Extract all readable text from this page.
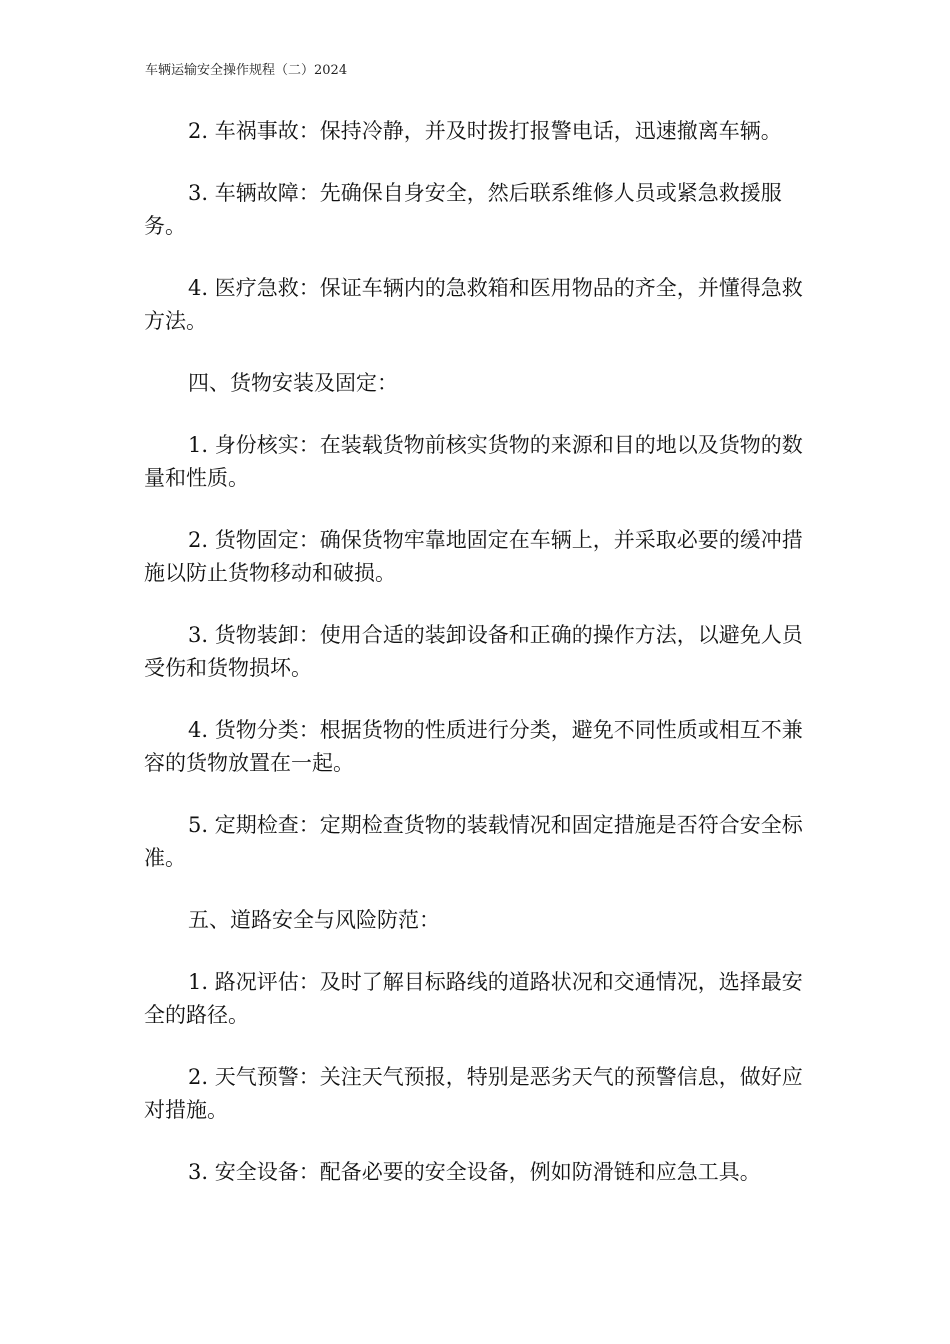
车辆运输安全操作规程（二）2024

2. 车祸事故：保持冷静，并及时拨打报警电话，迅速撤离车辆。

3. 车辆故障：先确保自身安全，然后联系维修人员或紧急救援服务。

4. 医疗急救：保证车辆内的急救箱和医用物品的齐全，并懂得急救方法。

四、货物安装及固定：

1. 身份核实：在装载货物前核实货物的来源和目的地以及货物的数量和性质。

2. 货物固定：确保货物牢靠地固定在车辆上，并采取必要的缓冲措施以防止货物移动和破损。

3. 货物装卸：使用合适的装卸设备和正确的操作方法，以避免人员受伤和货物损坏。

4. 货物分类：根据货物的性质进行分类，避免不同性质或相互不兼容的货物放置在一起。

5. 定期检查：定期检查货物的装载情况和固定措施是否符合安全标准。

五、道路安全与风险防范：

1. 路况评估：及时了解目标路线的道路状况和交通情况，选择最安全的路径。

2. 天气预警：关注天气预报，特别是恶劣天气的预警信息，做好应对措施。

3. 安全设备：配备必要的安全设备，例如防滑链和应急工具。
